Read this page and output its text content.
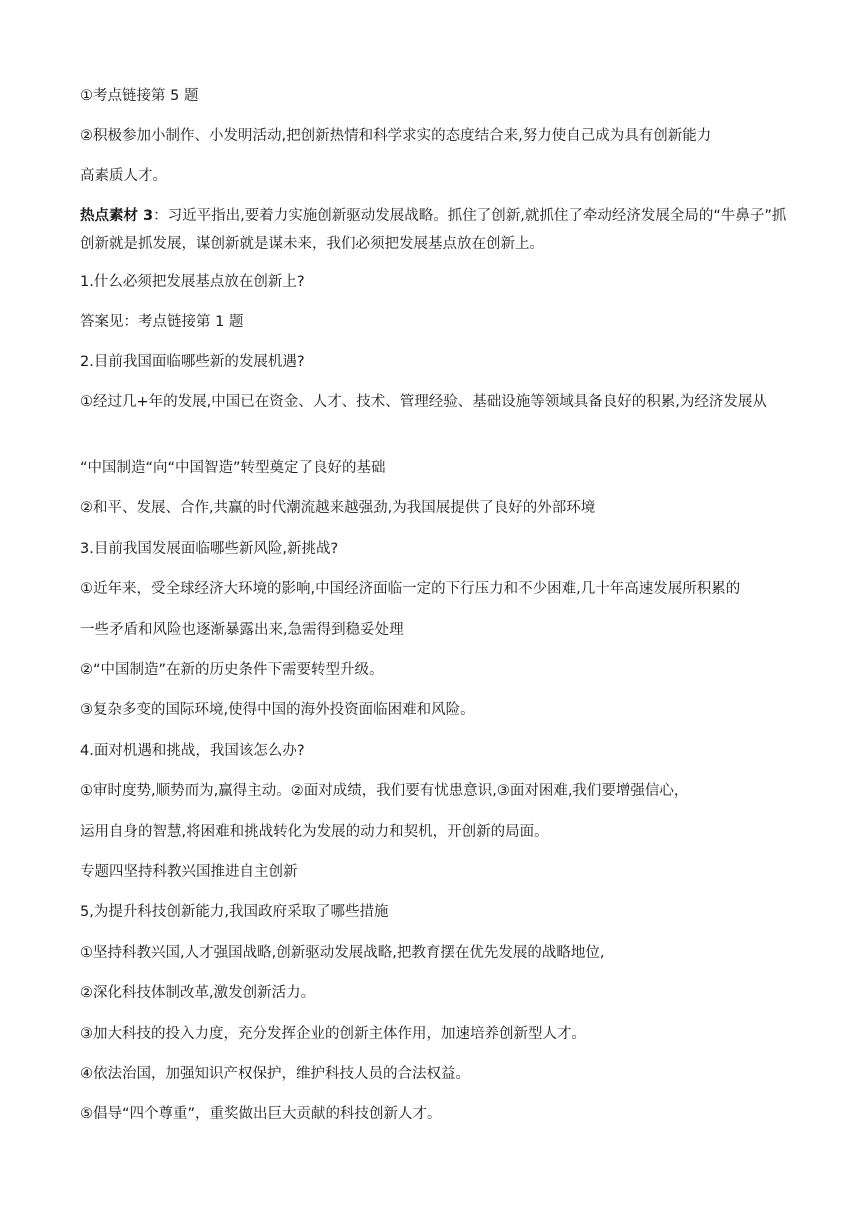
①考点链接第 5 题
②积极参加小制作、小发明活动,把创新热情和科学求实的态度结合来,努力使自己成为具有创新能力
高素质人才。
热点素材 3：习近平指出,要着力实施创新驱动发展战略。抓住了创新,就抓住了牵动经济发展全局的“牛鼻子”抓创新就是抓发展，谋创新就是谋未来，我们必须把发展基点放在创新上。
1.什么必须把发展基点放在创新上?
答案见：考点链接第 1 题
2.目前我国面临哪些新的发展机遇?
①经过几+年的发展,中国已在资金、人才、技术、管理经验、基础设施等领域具备良好的积累,为经济发展从
“中国制造“向“中国智造”转型奠定了良好的基础
②和平、发展、合作,共赢的时代潮流越来越强劲,为我国展提供了良好的外部环境
3.目前我国发展面临哪些新风险,新挑战?
①近年来，受全球经济大环境的影响,中国经济面临一定的下行压力和不少困难,几十年高速发展所积累的
一些矛盾和风险也逐渐暴露出来,急需得到稳妥处理
②“中国制造”在新的历史条件下需要转型升级。
③复杂多变的国际环境,使得中国的海外投资面临困难和风险。
4.面对机遇和挑战，我国该怎么办?
①审时度势,顺势而为,赢得主动。②面对成绩，我们要有忧患意识,③面对困难,我们要增强信心，
运用自身的智慧,将困难和挑战转化为发展的动力和契机，开创新的局面。
专题四坚持科教兴国推进自主创新
5,为提升科技创新能力,我国政府采取了哪些措施
①坚持科教兴国,人才强国战略,创新驱动发展战略,把教育摆在优先发展的战略地位,
②深化科技体制改革,激发创新活力。
③加大科技的投入力度，充分发挥企业的创新主体作用，加速培养创新型人才。
④依法治国，加强知识产权保护，维护科技人员的合法权益。
⑤倡导“四个尊重”，重奖做出巨大贡献的科技创新人才。
